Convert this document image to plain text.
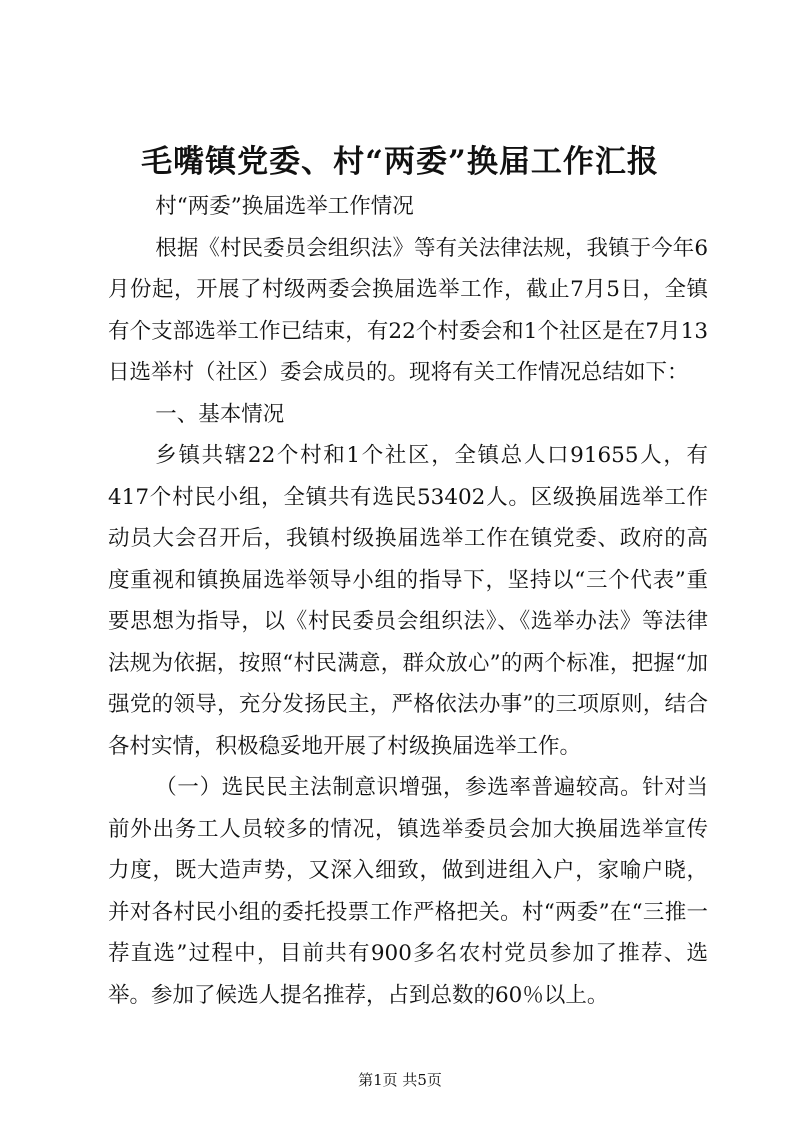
毛嘴镇党委、村“两委”换届工作汇报

村“两委”换届选举工作情况

根据《村民委员会组织法》等有关法律法规，我镇于今年6月份起，开展了村级两委会换届选举工作，截止7月5日，全镇有个支部选举工作已结束，有22个村委会和1个社区是在7月13日选举村（社区）委会成员的。现将有关工作情况总结如下：

一、基本情况

乡镇共辖22个村和1个社区，全镇总人口91655人，有417个村民小组，全镇共有选民53402人。区级换届选举工作动员大会召开后，我镇村级换届选举工作在镇党委、政府的高度重视和镇换届选举领导小组的指导下，坚持以“三个代表”重要思想为指导，以《村民委员会组织法》、《选举办法》等法律法规为依据，按照“村民满意，群众放心”的两个标准，把握“加强党的领导，充分发扬民主，严格依法办事”的三项原则，结合各村实情，积极稳妥地开展了村级换届选举工作。

（一）选民民主法制意识增强，参选率普遍较高。针对当前外出务工人员较多的情况，镇选举委员会加大换届选举宣传力度，既大造声势，又深入细致，做到进组入户，家喻户晓，并对各村民小组的委托投票工作严格把关。村“两委”在“三推一荐直选”过程中，目前共有900多名农村党员参加了推荐、选举。参加了候选人提名推荐，占到总数的60％以上。

第1页 共5页
